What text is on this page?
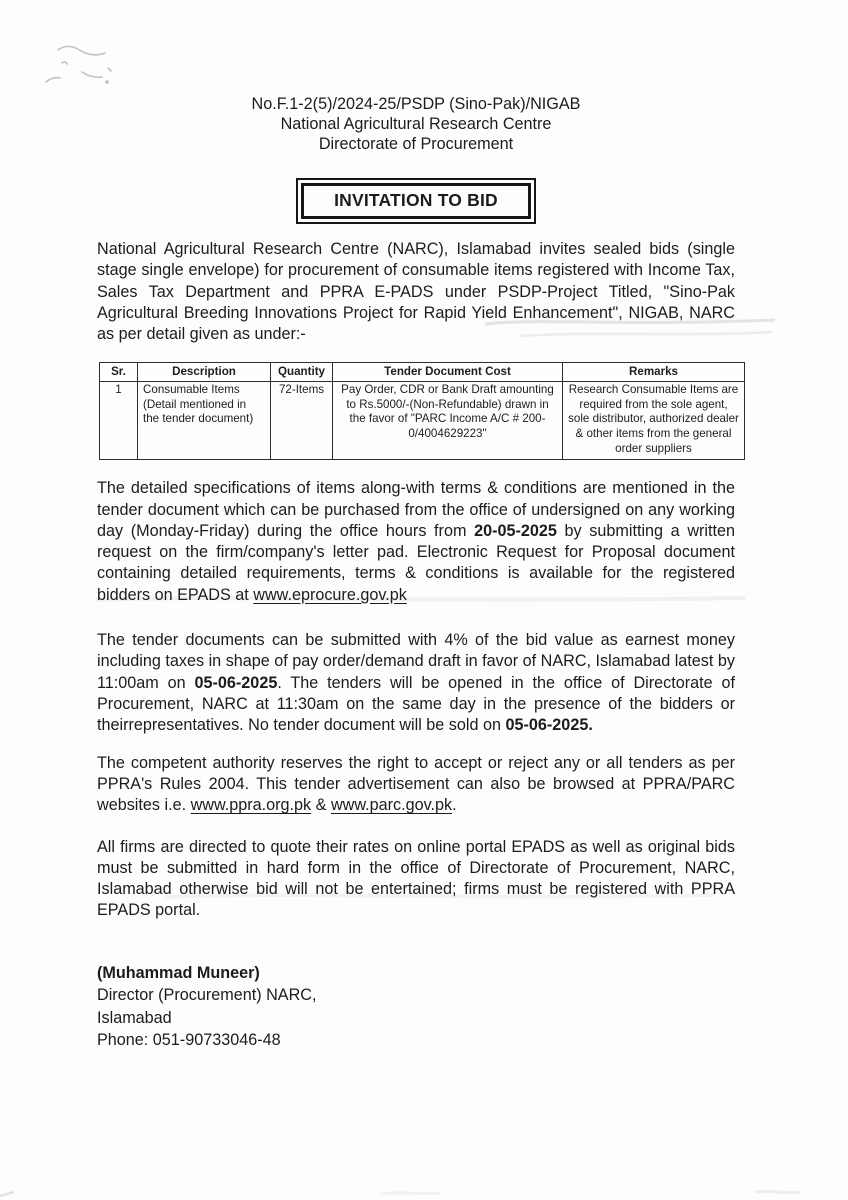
No.F.1-2(5)/2024-25/PSDP (Sino-Pak)/NIGAB
National Agricultural Research Centre
Directorate of Procurement
INVITATION TO BID

National Agricultural Research Centre (NARC), Islamabad invites sealed bids (single stage single envelope) for procurement of consumable items registered with Income Tax, Sales Tax Department and PPRA E-PADS under PSDP-Project Titled, "Sino-Pak Agricultural Breeding Innovations Project for Rapid Yield Enhancement", NIGAB, NARC as per detail given as under:-

Sr.	Description	Quantity	Tender Document Cost	Remarks
1	Consumable Items (Detail mentioned in the tender document)	72-Items	Pay Order, CDR or Bank Draft amounting to Rs.5000/-(Non-Refundable) drawn in the favor of "PARC Income A/C # 200-0/4004629223"	Research Consumable Items are required from the sole agent, sole distributor, authorized dealer & other items from the general order suppliers

The detailed specifications of items along-with terms & conditions are mentioned in the tender document which can be purchased from the office of undersigned on any working day (Monday-Friday) during the office hours from 20-05-2025 by submitting a written request on the firm/company's letter pad. Electronic Request for Proposal document containing detailed requirements, terms & conditions is available for the registered bidders on EPADS at www.eprocure.gov.pk

The tender documents can be submitted with 4% of the bid value as earnest money including taxes in shape of pay order/demand draft in favor of NARC, Islamabad latest by 11:00am on 05-06-2025. The tenders will be opened in the office of Directorate of Procurement, NARC at 11:30am on the same day in the presence of the bidders or theirrepresentatives. No tender document will be sold on 05-06-2025.

The competent authority reserves the right to accept or reject any or all tenders as per PPRA's Rules 2004. This tender advertisement can also be browsed at PPRA/PARC websites i.e. www.ppra.org.pk & www.parc.gov.pk.

All firms are directed to quote their rates on online portal EPADS as well as original bids must be submitted in hard form in the office of Directorate of Procurement, NARC, Islamabad otherwise bid will not be entertained; firms must be registered with PPRA EPADS portal.

(Muhammad Muneer)
Director (Procurement) NARC,
Islamabad
Phone: 051-90733046-48
